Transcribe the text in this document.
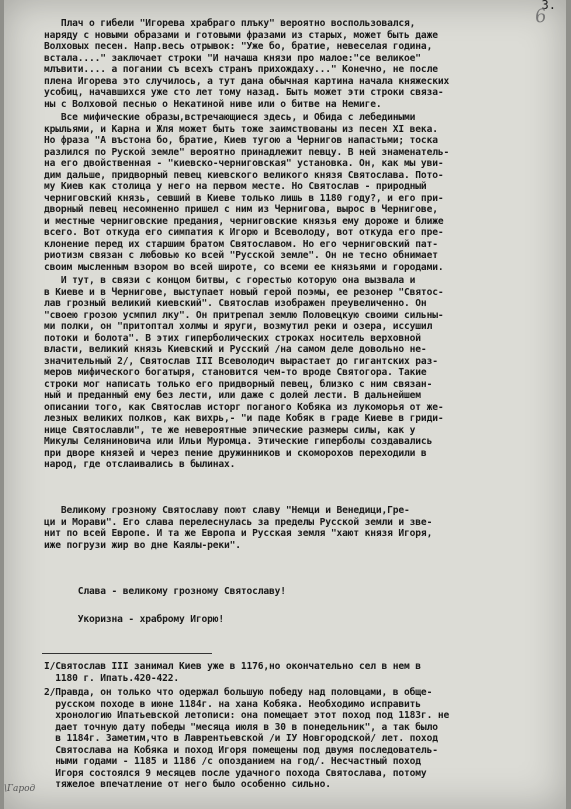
3.
6

Плач о гибели "Игорева храбраго плъку" вероятно воспользовался,
наряду с новыми образами и готовыми фразами из старых, может быть даже
Волховых песен. Напр.весь отрывок: "Уже бо, братие, невеселая година,
встала...." заключает строки "И начаша князи про малое:"се великое"
млъвити.... а погании съ всехъ странъ прихождаху..." Конечно, не после
плена Игорева это случилось, а тут дана обычная картина начала княжеских
усобиц, начавшихся уже сто лет тому назад. Быть может эти строки связа-
ны с Волховой песнью о Некатиной ниве или о битве на Немиге.

Все мифические образы,встречающиеся здесь, и Обида с лебедиными
крыльями, и Карна и Жля может быть тоже заимствованы из песен XI века.
Но фраза "А въстона бо, братие, Киев тугою а Чернигов напастьми; тоска
разлился по Руской земле" вероятно принадлежит певцу. В ней знаменатель-
на его двойственная - "киевско-черниговская" установка. Он, как мы уви-
дим дальше, придворный певец киевского великого князя Святослава. Пото-
му Киев как столица у него на первом месте. Но Святослав - природный
черниговский князь, севший в Киеве только лишь в 1180 году?, и его при-
дворный певец несомненно пришел с ним из Чернигова, вырос в Чернигове,
и местные черниговские предания, черниговские князья ему дороже и ближе
всего. Вот откуда его симпатия к Игорю и Всеволоду, вот откуда его пре-
клонение перед их старшим братом Святославом. Но его черниговский пат-
риотизм связан с любовью ко всей "Русской земле". Он не тесно обнимает
своим мысленным взором во всей широте, со всеми ее князьями и городами.

И тут, в связи с концом битвы, с горестью которую она вызвала и
в Киеве и в Чернигове, выступает новый герой поэмы, ее резонер "Святос-
лав грозный великий киевский". Святослав изображен преувеличенно. Он
"своею грозою усмпил лку". Он притрепал землю Половецкую своими сильны-
ми полки, он "притоптал холмы и яруги, возмутил реки и озера, иссушил
потоки и болота". В этих гиперболических строках носитель верховной
власти, великий князь Киевский и Русский /на самом деле довольно не-
значительный 2/, Святослав III Всеволодич вырастает до гигантских раз-
меров мифического богатыря, становится чем-то вроде Святогора. Такие
строки мог написать только его придворный певец, близко с ним связан-
ный и преданный ему без лести, или даже с долей лести. В дальнейшем
описании того, как Святослав исторг поганого Кобяка из лукоморья от же-
лезных великих полков, как вихрь,- "и паде Кобяк в граде Киеве в гриди-
нице Святославли", те же невероятные эпические размеры силы, как у
Микулы Селяниновича или Ильи Муромца. Этические гиперболы создавались
при дворе князей и через пение дружинников и скоморохов переходили в
народ, где отслаивались в былинах.

Великому грозному Святославу поют славу "Немци и Венедици,Гре-
ци и Морави". Его слава перелеснулась за пределы Русской земли и зве-
нит по всей Европе. И та же Европа и Русская земля "хают князя Игоря,
иже погрузи жир во дне Каялы-реки".

Слава - великому грозному Святославу!

Укоризна - храброму Игорю!

I/Святослав III занимал Киев уже в 1176,но окончательно сел в нем в
1180 г. Ипать.420-422.

2/Правда, он только что одержал большую победу над половцами, в обще-
русском походе в июне 1184г. на хана Кобяка. Необходимо исправить
хронологию Ипатьевской летописи: она помещает этот поход под 1183г. не
дает точную дату победы "месяца июля в 30 в понедельник", а так было
в 1184г. Заметим,что в Лаврентьевской /и IУ Новгородской/ лет. поход
Святослава на Кобяка и поход Игоря помещены под двумя последователь-
ными годами - 1185 и 1186 /с опозданием на год/. Несчастный поход
Игоря состоялся 9 месяцев после удачного похода Святослава, потому
тяжелое впечатление от него было особенно сильно.

\Гарод
